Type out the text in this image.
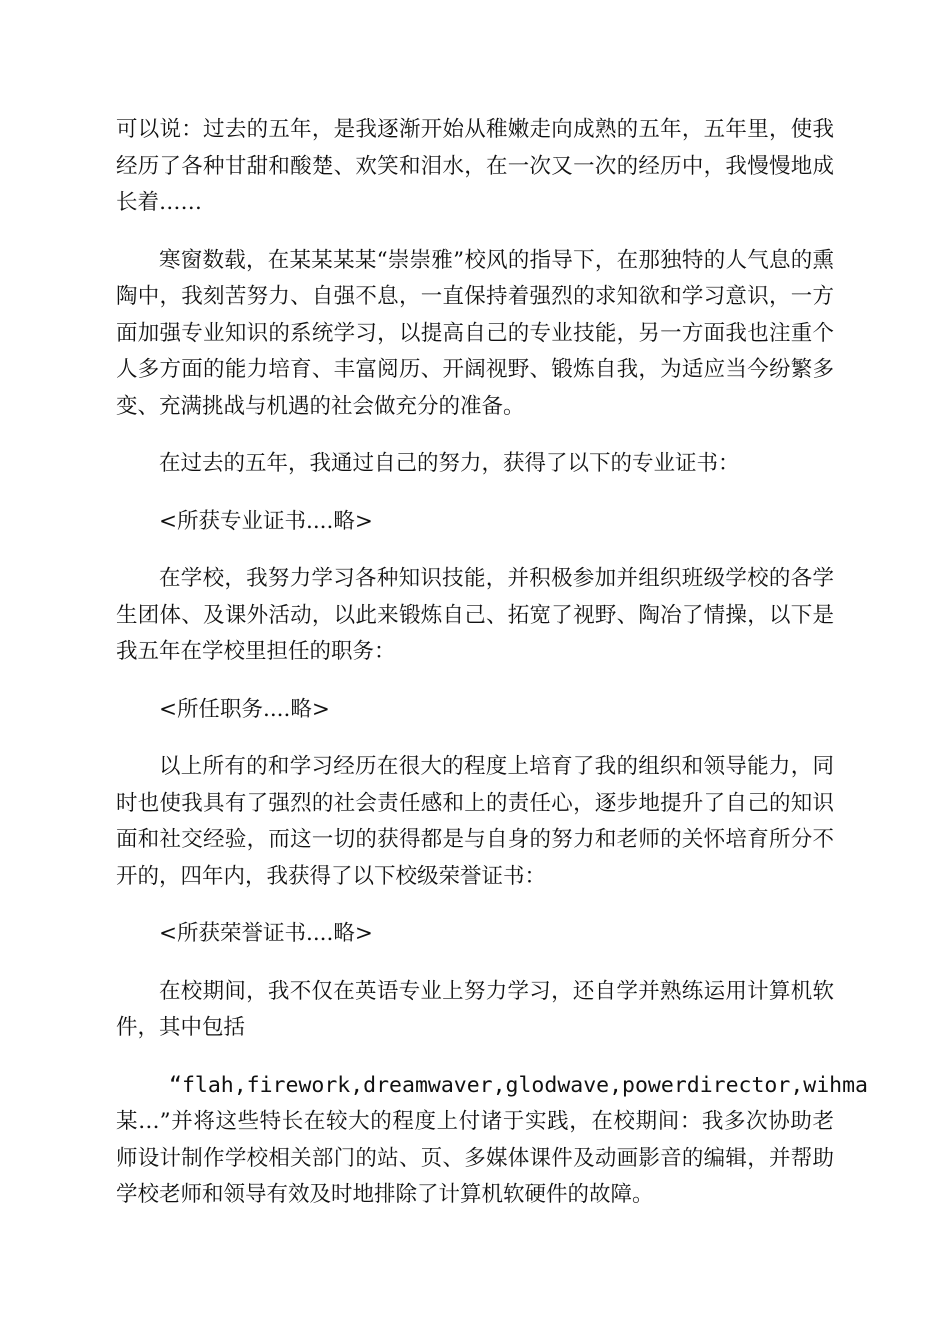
可以说：过去的五年，是我逐渐开始从稚嫩走向成熟的五年，五年里，使我经历了各种甘甜和酸楚、欢笑和泪水，在一次又一次的经历中，我慢慢地成长着……

寒窗数载，在某某某某“崇崇雅”校风的指导下，在那独特的人气息的熏陶中，我刻苦努力、自强不息，一直保持着强烈的求知欲和学习意识，一方面加强专业知识的系统学习，以提高自己的专业技能，另一方面我也注重个人多方面的能力培育、丰富阅历、开阔视野、锻炼自我，为适应当今纷繁多变、充满挑战与机遇的社会做充分的准备。

在过去的五年，我通过自己的努力，获得了以下的专业证书：

<所获专业证书....略>

在学校，我努力学习各种知识技能，并积极参加并组织班级学校的各学生团体、及课外活动，以此来锻炼自己、拓宽了视野、陶冶了情操，以下是我五年在学校里担任的职务：

<所任职务....略>

以上所有的和学习经历在很大的程度上培育了我的组织和领导能力，同时也使我具有了强烈的社会责任感和上的责任心，逐步地提升了自己的知识面和社交经验，而这一切的获得都是与自身的努力和老师的关怀培育所分不开的，四年内，我获得了以下校级荣誉证书：

<所获荣誉证书....略>

在校期间，我不仅在英语专业上努力学习，还自学并熟练运用计算机软件，其中包括

“flah,firework,dreamwaver,glodwave,powerdirector,wihma

某…”并将这些特长在较大的程度上付诸于实践，在校期间：我多次协助老师设计制作学校相关部门的站、页、多媒体课件及动画影音的编辑，并帮助学校老师和领导有效及时地排除了计算机软硬件的故障。
